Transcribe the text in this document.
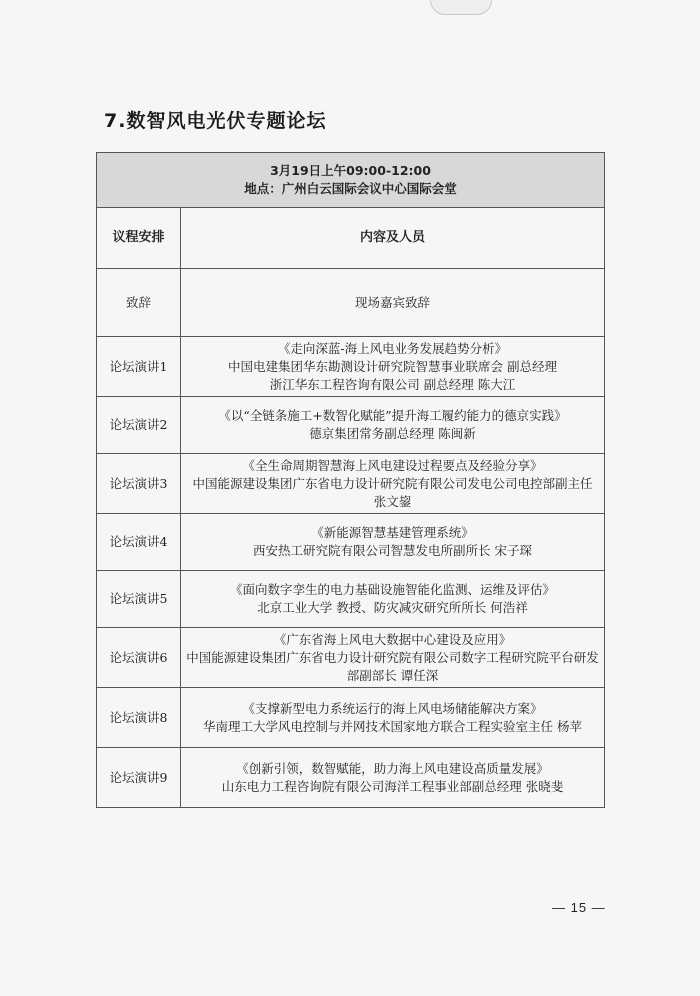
7.数智风电光伏专题论坛
3月19日上午09:00-12:00
地点：广州白云国际会议中心国际会堂	

议程安排	内容及人员
致辞	现场嘉宾致辞

论坛演讲1	《走向深蓝-海上风电业务发展趋势分析》
中国电建集团华东勘测设计研究院智慧事业联席会 副总经理
浙江华东工程咨询有限公司 副总经理 陈大江

论坛演讲2	《以“全链条施工+数智化赋能”提升海工履约能力的德京实践》
德京集团常务副总经理 陈闽新

论坛演讲3	《全生命周期智慧海上风电建设过程要点及经验分享》
中国能源建设集团广东省电力设计研究院有限公司发电公司电控部副主任 张文鋆

论坛演讲4	《新能源智慧基建管理系统》
西安热工研究院有限公司智慧发电所副所长 宋子琛

论坛演讲5	《面向数字孪生的电力基础设施智能化监测、运维及评估》
北京工业大学 教授、防灾减灾研究所所长 何浩祥

论坛演讲6	《广东省海上风电大数据中心建设及应用》
中国能源建设集团广东省电力设计研究院有限公司数字工程研究院平台研发部副部长 谭任深

论坛演讲8	《支撑新型电力系统运行的海上风电场储能解决方案》
华南理工大学风电控制与并网技术国家地方联合工程实验室主任 杨苹

论坛演讲9	《创新引领，数智赋能，助力海上风电建设高质量发展》
山东电力工程咨询院有限公司海洋工程事业部副总经理 张晓斐
— 15 —
